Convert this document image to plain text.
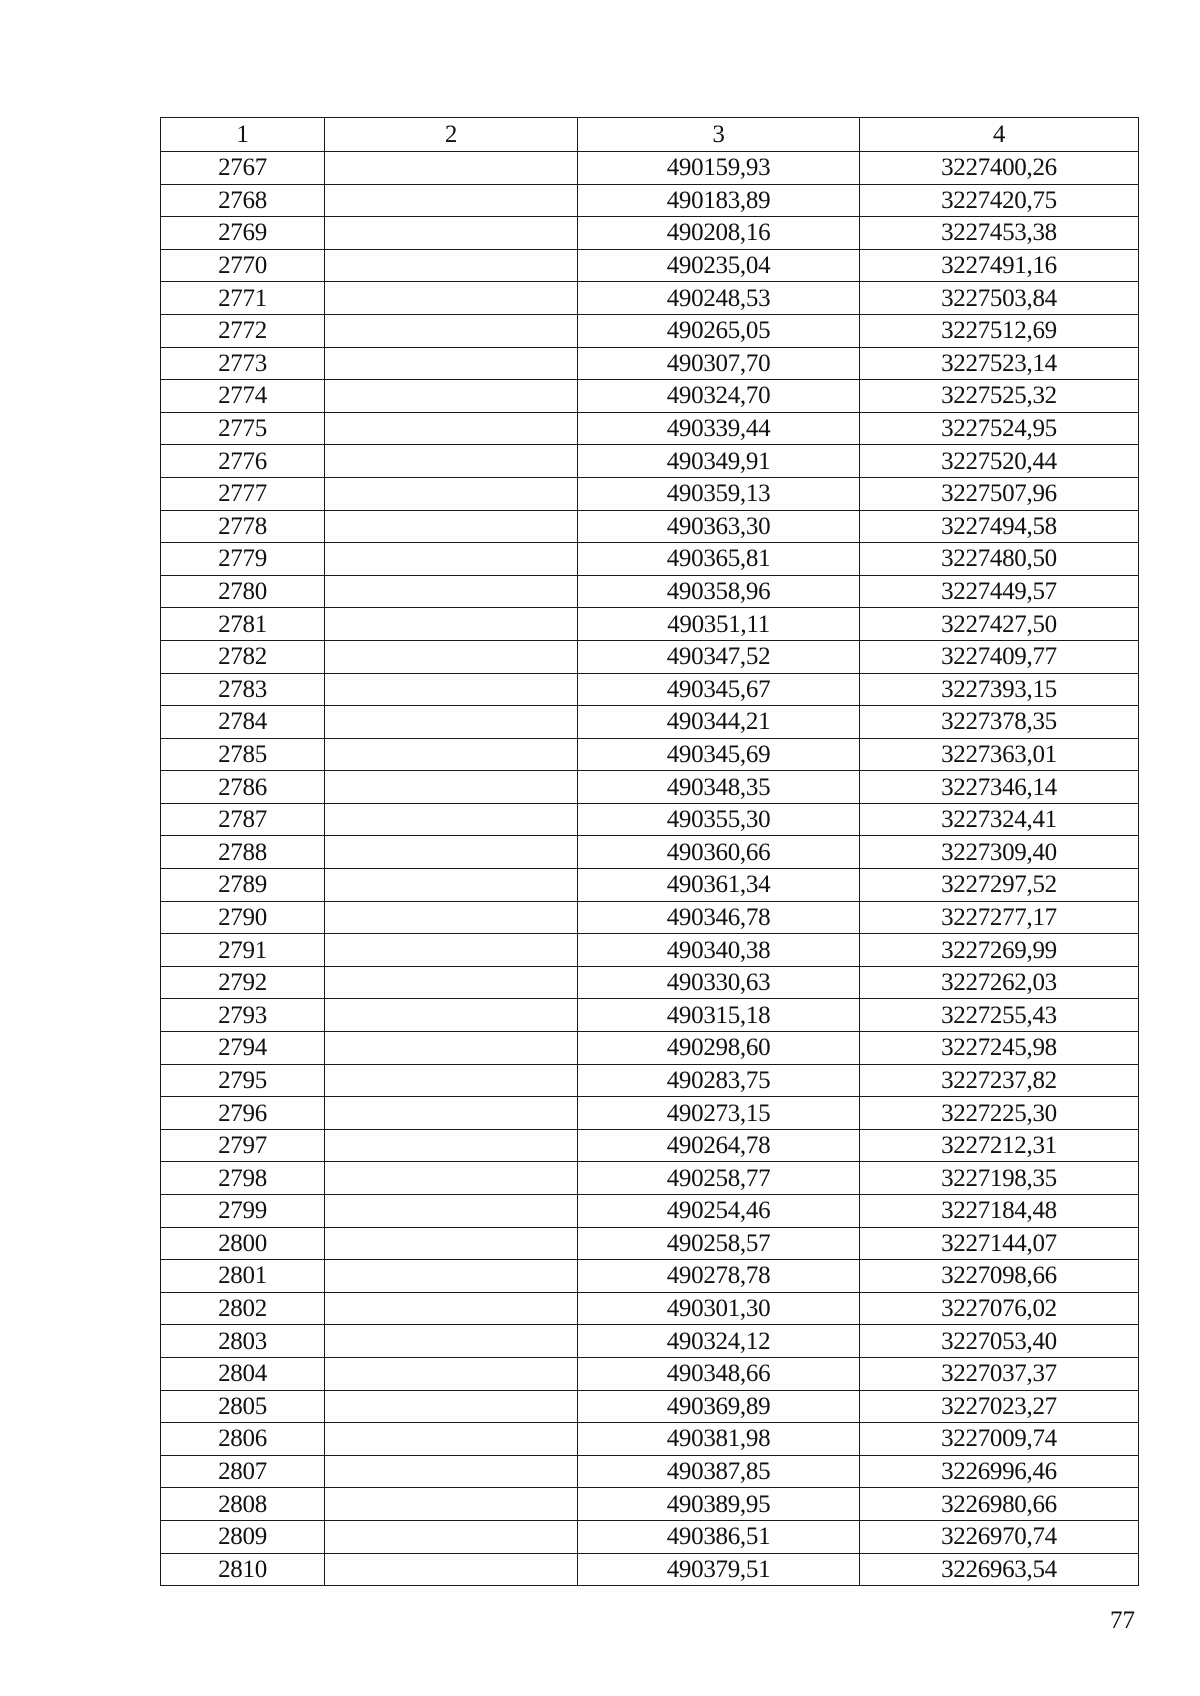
1	2	3	4
2767		490159,93	3227400,26
2768		490183,89	3227420,75
2769		490208,16	3227453,38
2770		490235,04	3227491,16
2771		490248,53	3227503,84
2772		490265,05	3227512,69
2773		490307,70	3227523,14
2774		490324,70	3227525,32
2775		490339,44	3227524,95
2776		490349,91	3227520,44
2777		490359,13	3227507,96
2778		490363,30	3227494,58
2779		490365,81	3227480,50
2780		490358,96	3227449,57
2781		490351,11	3227427,50
2782		490347,52	3227409,77
2783		490345,67	3227393,15
2784		490344,21	3227378,35
2785		490345,69	3227363,01
2786		490348,35	3227346,14
2787		490355,30	3227324,41
2788		490360,66	3227309,40
2789		490361,34	3227297,52
2790		490346,78	3227277,17
2791		490340,38	3227269,99
2792		490330,63	3227262,03
2793		490315,18	3227255,43
2794		490298,60	3227245,98
2795		490283,75	3227237,82
2796		490273,15	3227225,30
2797		490264,78	3227212,31
2798		490258,77	3227198,35
2799		490254,46	3227184,48
2800		490258,57	3227144,07
2801		490278,78	3227098,66
2802		490301,30	3227076,02
2803		490324,12	3227053,40
2804		490348,66	3227037,37
2805		490369,89	3227023,27
2806		490381,98	3227009,74
2807		490387,85	3226996,46
2808		490389,95	3226980,66
2809		490386,51	3226970,74
2810		490379,51	3226963,54
77
